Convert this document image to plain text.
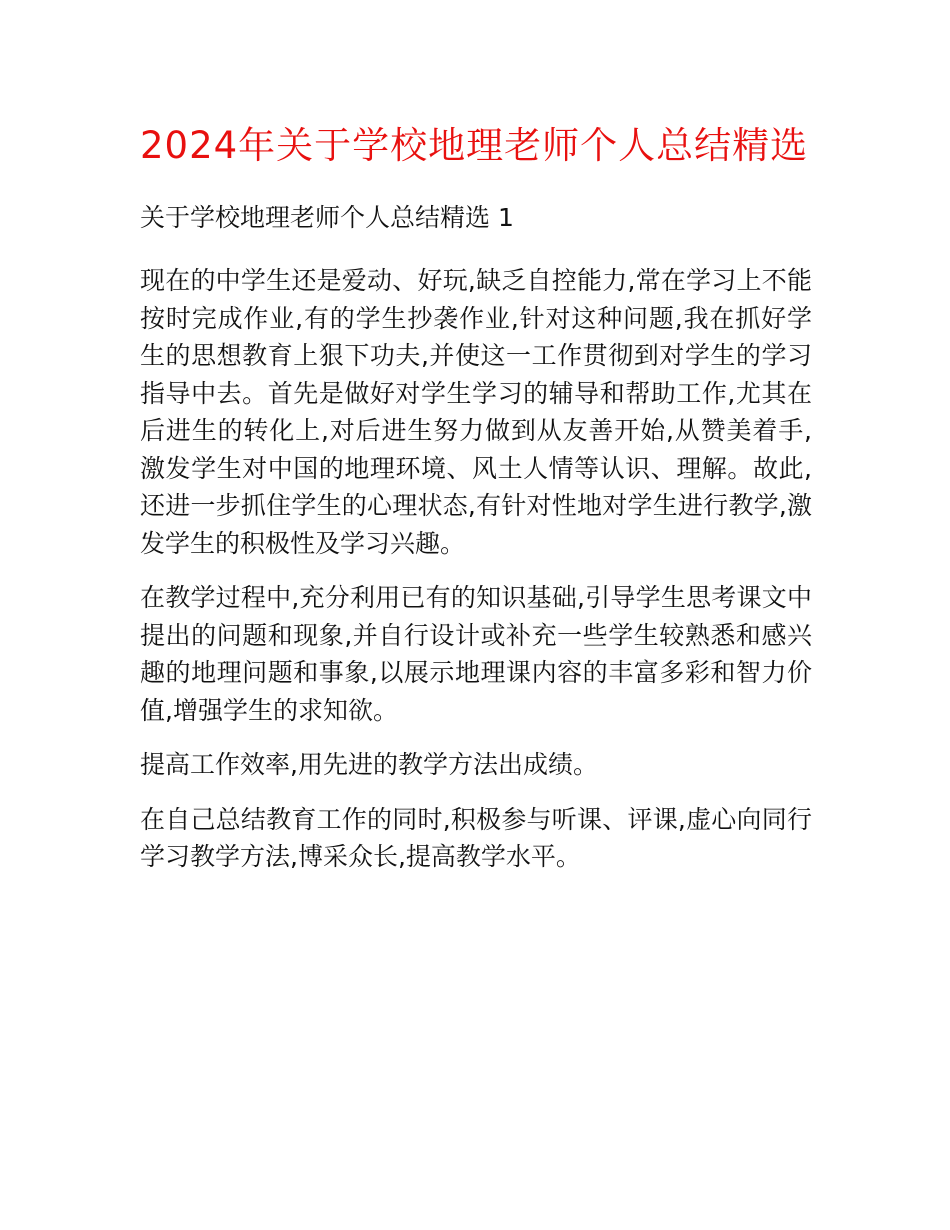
2024年关于学校地理老师个人总结精选

关于学校地理老师个人总结精选 1

现在的中学生还是爱动、好玩,缺乏自控能力,常在学习上不能按时完成作业,有的学生抄袭作业,针对这种问题,我在抓好学生的思想教育上狠下功夫,并使这一工作贯彻到对学生的学习指导中去。首先是做好对学生学习的辅导和帮助工作,尤其在后进生的转化上,对后进生努力做到从友善开始,从赞美着手,激发学生对中国的地理环境、风土人情等认识、理解。故此,还进一步抓住学生的心理状态,有针对性地对学生进行教学,激发学生的积极性及学习兴趣。

在教学过程中,充分利用已有的知识基础,引导学生思考课文中提出的问题和现象,并自行设计或补充一些学生较熟悉和感兴趣的地理问题和事象,以展示地理课内容的丰富多彩和智力价值,增强学生的求知欲。

提高工作效率,用先进的教学方法出成绩。

在自己总结教育工作的同时,积极参与听课、评课,虚心向同行学习教学方法,博采众长,提高教学水平。
